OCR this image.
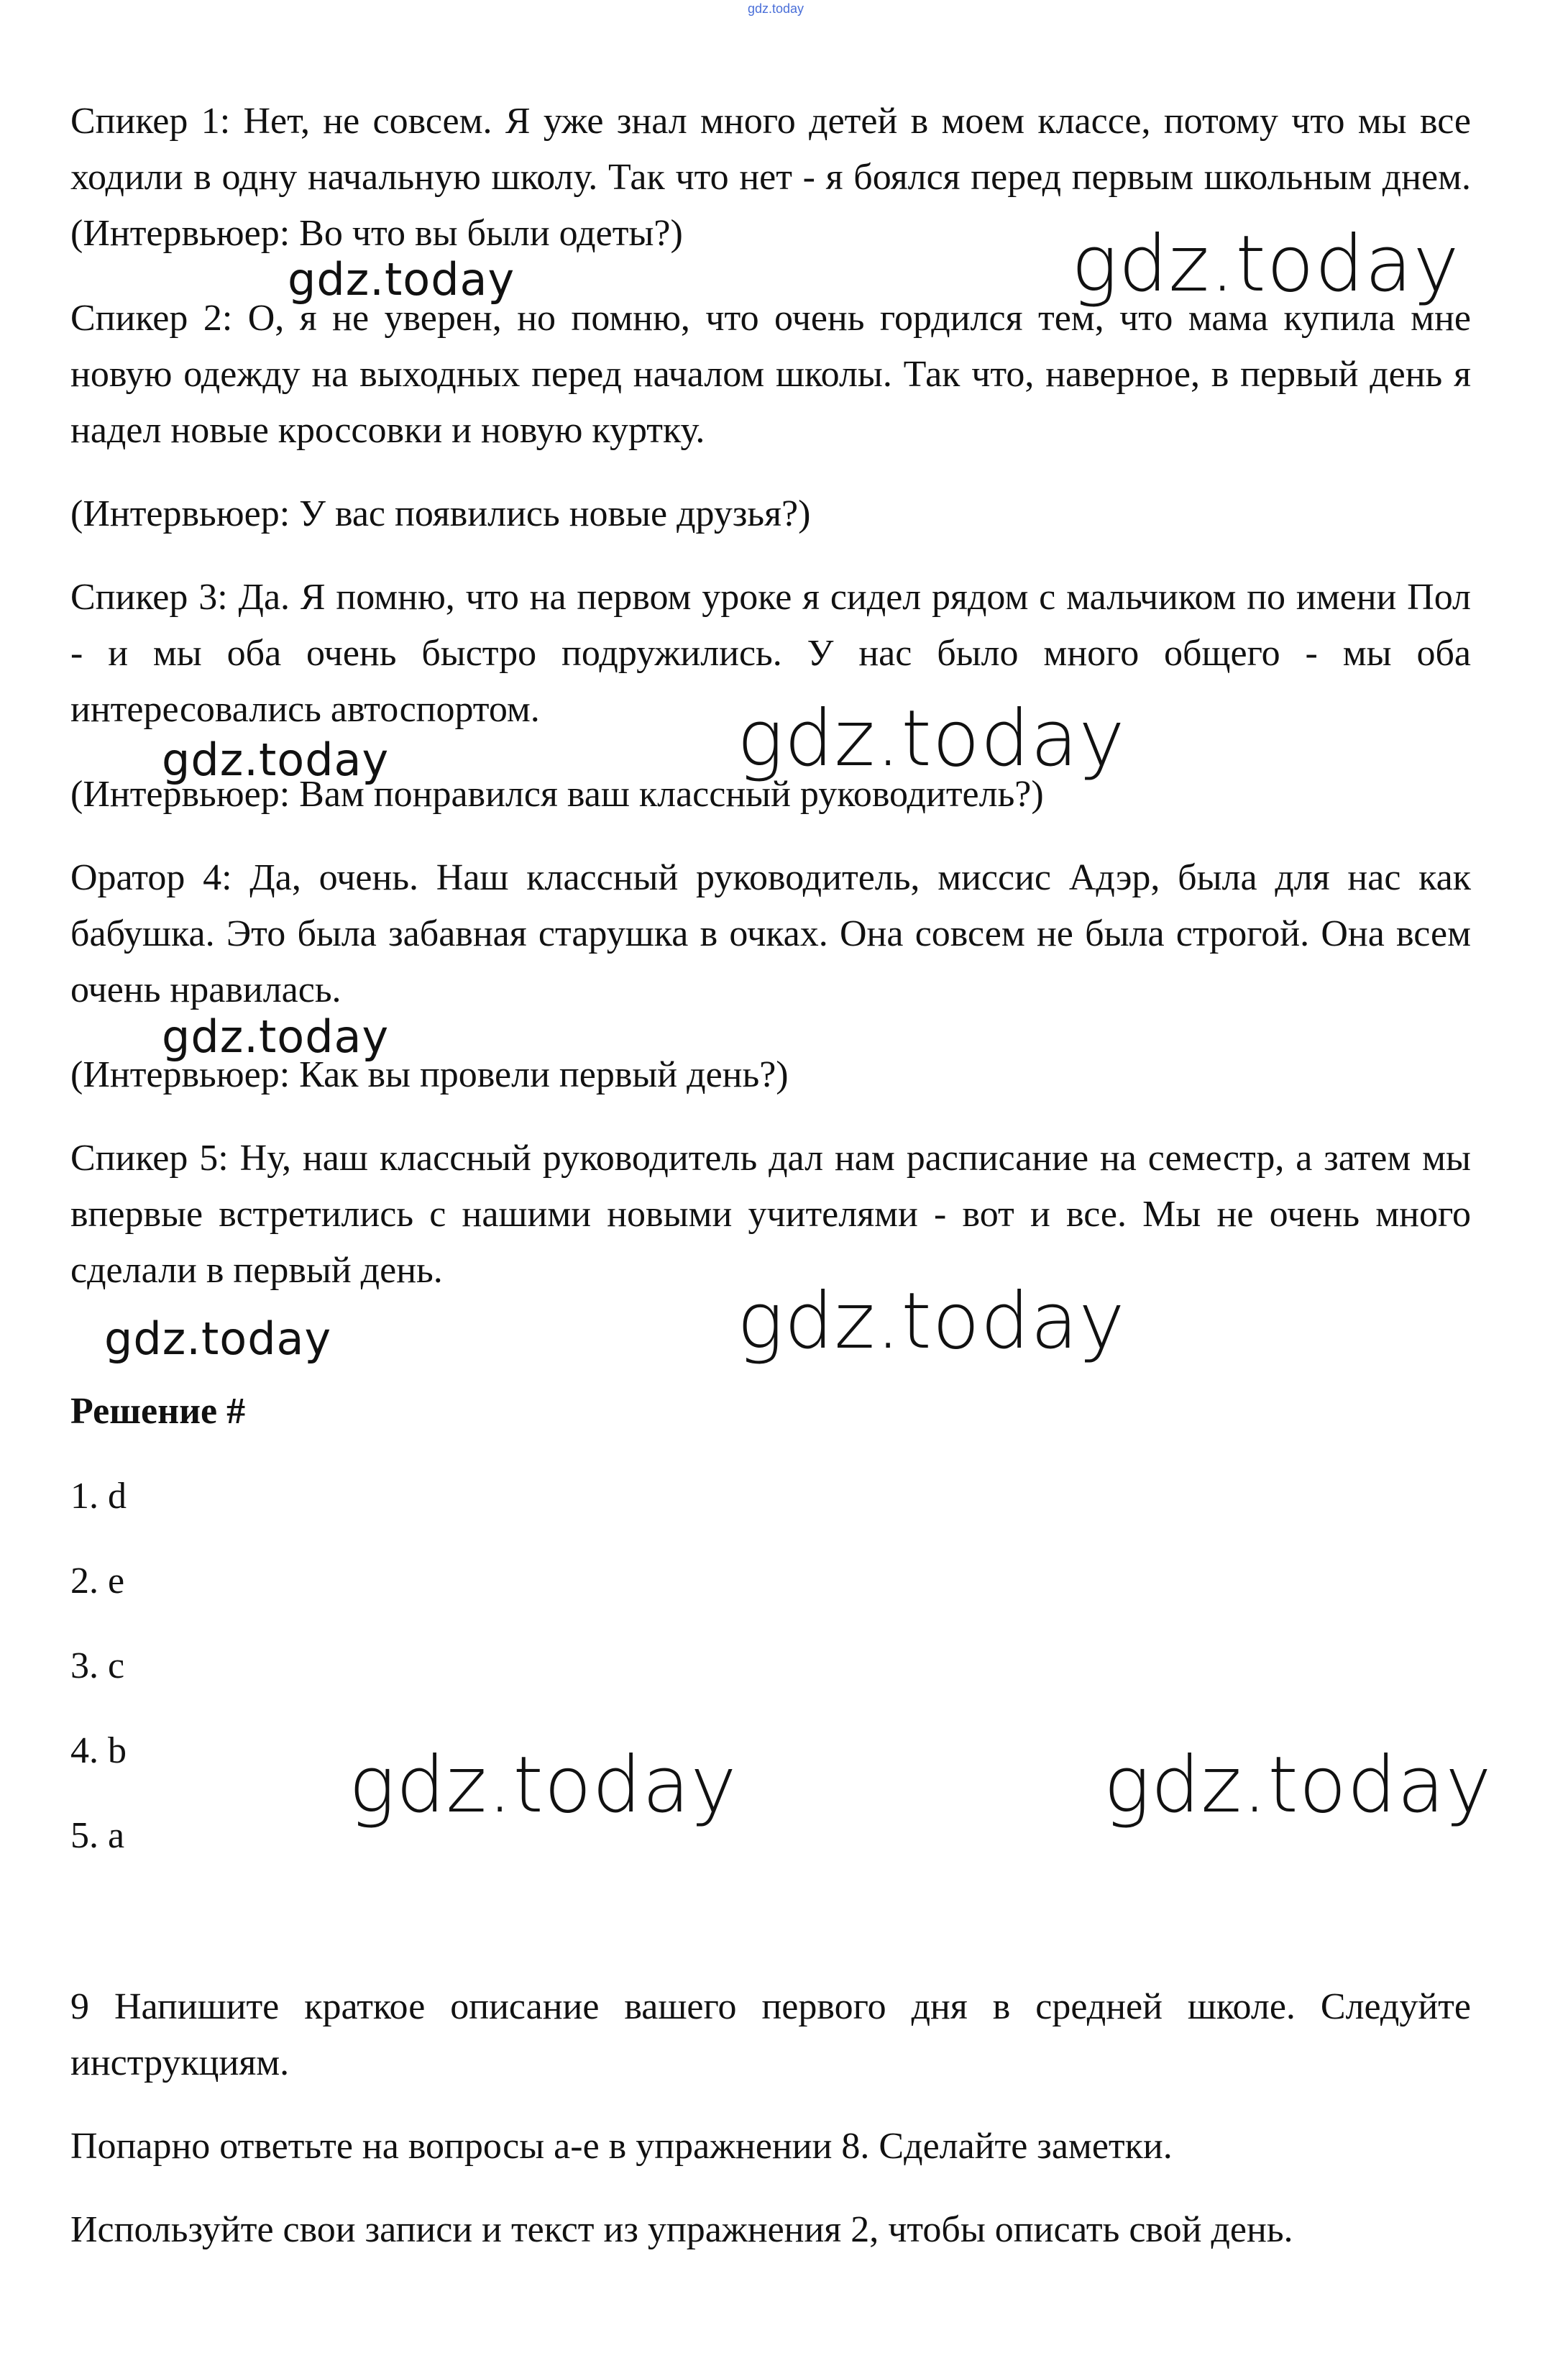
gdz.today

Спикер 1: Нет, не совсем. Я уже знал много детей в моем классе, потому что мы все ходили в одну начальную школу. Так что нет - я боялся перед первым школьным днем. (Интервьюер: Во что вы были одеты?)

Спикер 2: О, я не уверен, но помню, что очень гордился тем, что мама купила мне новую одежду на выходных перед началом школы. Так что, наверное, в первый день я надел новые кроссовки и новую куртку.

(Интервьюер: У вас появились новые друзья?)

Спикер 3: Да. Я помню, что на первом уроке я сидел рядом с мальчиком по имени Пол - и мы оба очень быстро подружились. У нас было много общего - мы оба интересовались автоспортом.

(Интервьюер: Вам понравился ваш классный руководитель?)

Оратор 4: Да, очень. Наш классный руководитель, миссис Адэр, была для нас как бабушка. Это была забавная старушка в очках. Она совсем не была строгой. Она всем очень нравилась.

(Интервьюер: Как вы провели первый день?)

Спикер 5: Ну, наш классный руководитель дал нам расписание на семестр, а затем мы впервые встретились с нашими новыми учителями - вот и все. Мы не очень много сделали в первый день.

Решение #

1. d

2. e

3. c

4. b

5. a

9 Напишите краткое описание вашего первого дня в средней школе. Следуйте инструкциям.

Попарно ответьте на вопросы a-e в упражнении 8. Сделайте заметки.

Используйте свои записи и текст из упражнения 2, чтобы описать свой день.

gdz.today	gdz.today
gdz.today	gdz.today
gdz.today
gdz.today	gdz.today
gdz.today	gdz.today
